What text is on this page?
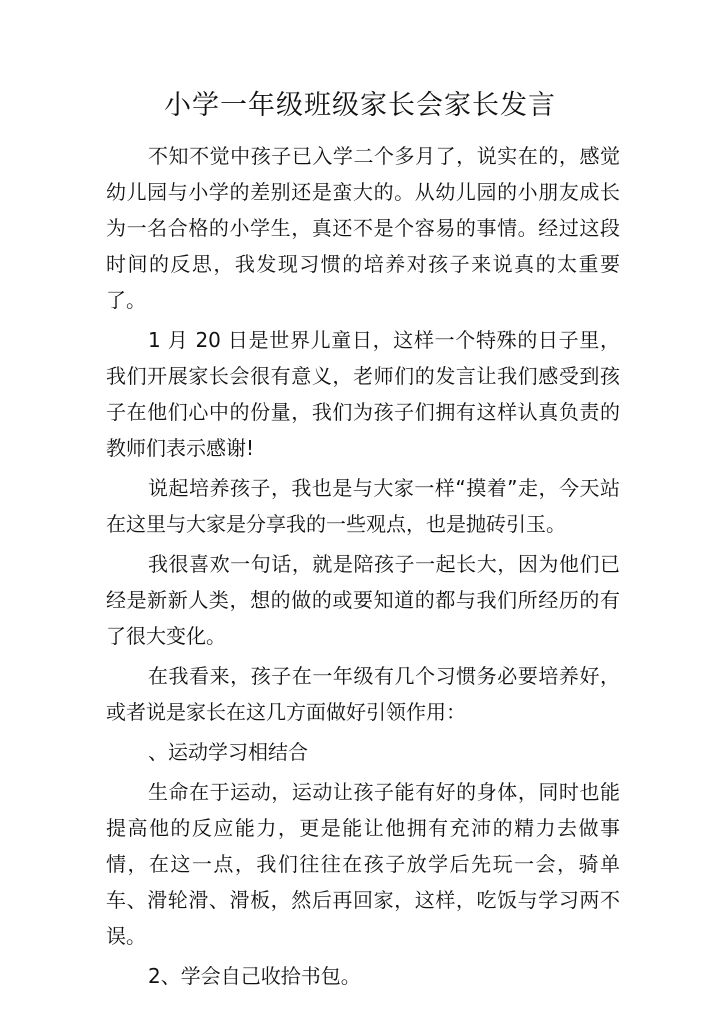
小学一年级班级家长会家长发言

不知不觉中孩子已入学二个多月了，说实在的，感觉幼儿园与小学的差别还是蛮大的。从幼儿园的小朋友成长为一名合格的小学生，真还不是个容易的事情。经过这段时间的反思，我发现习惯的培养对孩子来说真的太重要了。

1 月 20 日是世界儿童日，这样一个特殊的日子里，我们开展家长会很有意义，老师们的发言让我们感受到孩子在他们心中的份量，我们为孩子们拥有这样认真负责的教师们表示感谢!

说起培养孩子，我也是与大家一样“摸着”走，今天站在这里与大家是分享我的一些观点，也是抛砖引玉。

我很喜欢一句话，就是陪孩子一起长大，因为他们已经是新新人类，想的做的或要知道的都与我们所经历的有了很大变化。

在我看来，孩子在一年级有几个习惯务必要培养好，或者说是家长在这几方面做好引领作用：

、运动学习相结合

生命在于运动，运动让孩子能有好的身体，同时也能提高他的反应能力，更是能让他拥有充沛的精力去做事情，在这一点，我们往往在孩子放学后先玩一会，骑单车、滑轮滑、滑板，然后再回家，这样，吃饭与学习两不误。

2、学会自己收拾书包。
